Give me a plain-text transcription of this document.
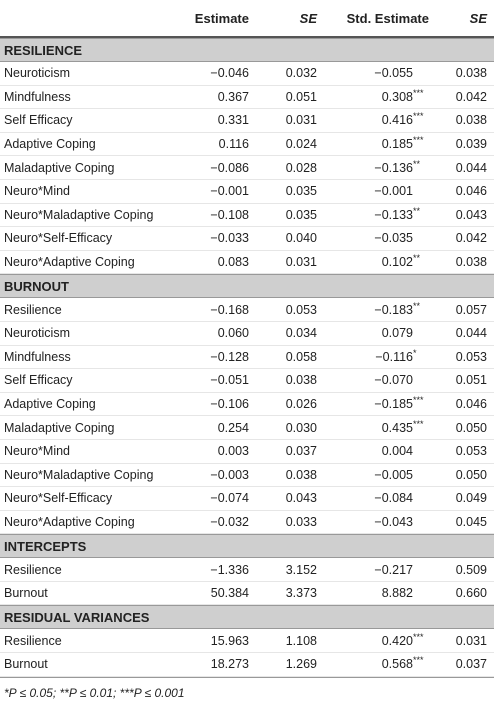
Estimate	SE	Std. Estimate	SE
RESILIENCE
Neuroticism	−0.046	0.032	−0.055	0.038
Mindfulness	0.367	0.051	0.308***	0.042
Self Efficacy	0.331	0.031	0.416***	0.038
Adaptive Coping	0.116	0.024	0.185***	0.039
Maladaptive Coping	−0.086	0.028	−0.136**	0.044
Neuro*Mind	−0.001	0.035	−0.001	0.046
Neuro*Maladaptive Coping	−0.108	0.035	−0.133**	0.043
Neuro*Self-Efficacy	−0.033	0.040	−0.035	0.042
Neuro*Adaptive Coping	0.083	0.031	0.102**	0.038
BURNOUT
Resilience	−0.168	0.053	−0.183**	0.057
Neuroticism	0.060	0.034	0.079	0.044
Mindfulness	−0.128	0.058	−0.116*	0.053
Self Efficacy	−0.051	0.038	−0.070	0.051
Adaptive Coping	−0.106	0.026	−0.185***	0.046
Maladaptive Coping	0.254	0.030	0.435***	0.050
Neuro*Mind	0.003	0.037	0.004	0.053
Neuro*Maladaptive Coping	−0.003	0.038	−0.005	0.050
Neuro*Self-Efficacy	−0.074	0.043	−0.084	0.049
Neuro*Adaptive Coping	−0.032	0.033	−0.043	0.045
INTERCEPTS
Resilience	−1.336	3.152	−0.217	0.509
Burnout	50.384	3.373	8.882	0.660
RESIDUAL VARIANCES
Resilience	15.963	1.108	0.420***	0.031
Burnout	18.273	1.269	0.568***	0.037
*P ≤ 0.05; **P ≤ 0.01; ***P ≤ 0.001
